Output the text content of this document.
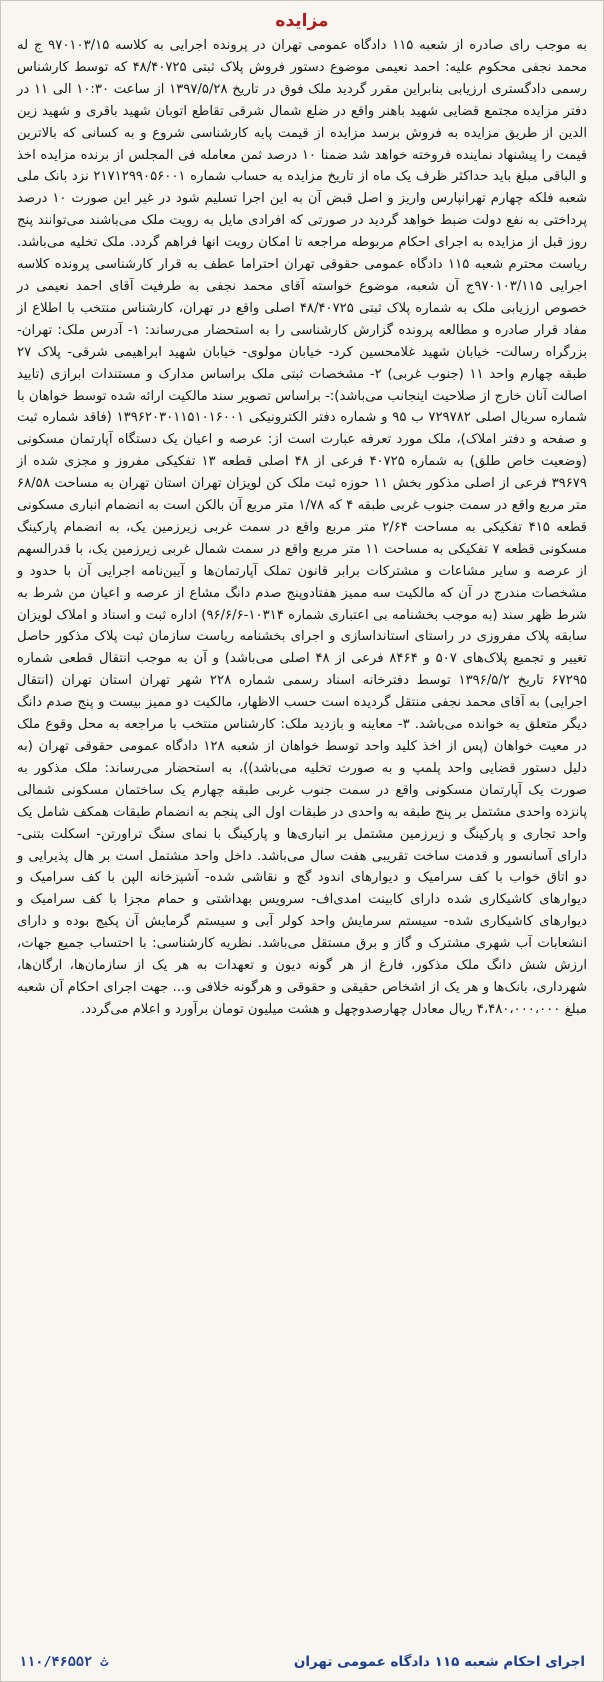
مزایده
به موجب رای صادره از شعبه ۱۱۵ دادگاه عمومی تهران در پرونده اجرایی به کلاسه ۹۷۰۱۰۳/۱۵ ج له محمد نجفی محکوم علیه: احمد نعیمی موضوع دستور فروش پلاک ثبتی ۴۸/۴۰۷۲۵ که توسط کارشناس رسمی دادگستری ارزیابی بنابراین مقرر گردید ملک فوق در تاریخ ۱۳۹۷/۵/۲۸ از ساعت ۱۰:۳۰ الی ۱۱ در دفتر مزایده مجتمع قضایی شهید باهنر واقع در ضلع شمال شرقی تقاطع اتوبان شهید باقری و شهید زین الدین از طریق مزایده به فروش برسد مزایده از قیمت پایه کارشناسی شروع و به کسانی که بالاترین قیمت را پیشنهاد نماینده فروخته خواهد شد ضمنا ۱۰ درصد ثمن معامله فی المجلس از برنده مزایده اخذ و الباقی مبلغ باید حداکثر ظرف یک ماه از تاریخ مزایده به حساب شماره ۲۱۷۱۲۹۹۰۵۶۰۰۱ نزد بانک ملی شعبه فلکه چهارم تهرانپارس واریز و اصل قبض آن به این اجرا تسلیم شود در غیر این صورت ۱۰ درصد پرداختی به نفع دولت ضبط خواهد گردید در صورتی که افرادی مایل به رویت ملک می‌باشند می‌توانند پنج روز قبل از مزایده به اجرای احکام مربوطه مراجعه تا امکان رویت انها فراهم گردد. ملک تخلیه می‌باشد. ریاست محترم شعبه ۱۱۵ دادگاه عمومی حقوقی تهران احتراما عطف به قرار کارشناسی پرونده کلاسه اجرایی ۹۷۰۱۰۳/۱۱۵ج آن شعبه، موضوع خواسته آقای محمد نجفی به طرفیت آقای احمد نعیمی در خصوص ارزیابی ملک به شماره پلاک ثبتی ۴۸/۴۰۷۲۵ اصلی واقع در تهران، کارشناس منتخب با اطلاع از مفاد قرار صادره و مطالعه پرونده گزارش کارشناسی را به استحضار می‌رساند: ۱- آدرس ملک: تهران- بزرگراه رسالت- خیابان شهید غلامحسین کرد- خیابان مولوی- خیابان شهید ابراهیمی شرقی- پلاک ۲۷ طبقه چهارم واحد ۱۱ (جنوب غربی) ۲- مشخصات ثبتی ملک براساس مدارک و مستندات ابرازی (تایید اصالت آنان خارج از صلاحیت اینجانب می‌باشد):- براساس تصویر سند مالکیت ارائه شده توسط خواهان با شماره سریال اصلی ۷۲۹۷۸۲ ب ۹۵ و شماره دفتر الکترونیکی ۱۳۹۶۲۰۳۰۱۱۵۱۰۱۶۰۰۱ (فاقد شماره ثبت و صفحه و دفتر املاک)، ملک مورد تعرفه عبارت است از: عرصه و اعیان یک دستگاه آپارتمان مسکونی (وضعیت خاص طلق) به شماره ۴۰۷۲۵ فرعی از ۴۸ اصلی قطعه ۱۳ تفکیکی مفروز و مجزی شده از ۳۹۶۷۹ فرعی از اصلی مذکور بخش ۱۱ حوزه ثبت ملک کن لویزان تهران استان تهران به مساحت ۶۸/۵۸ متر مربع واقع در سمت جنوب غربی طبقه ۴ که ۱/۷۸ متر مربع آن بالکن است به انضمام انباری مسکونی قطعه ۴۱۵ تفکیکی به مساحت ۲/۶۴ متر مربع واقع در سمت غربی زیرزمین یک، به انضمام پارکینگ مسکونی قطعه ۷ تفکیکی به مساحت ۱۱ متر مربع واقع در سمت شمال غربی زیرزمین یک، با قدرالسهم از عرصه و سایر مشاعات و مشترکات برابر قانون تملک آپارتمان‌ها و آیین‌نامه اجرایی آن با حدود و مشخصات مندرج در آن که مالکیت سه ممیز هفتادوپنج صدم دانگ مشاع از عرصه و اعیان من شرط به شرط ظهر سند (به موجب بخشنامه بی اعتباری شماره ۱۰۳۱۴-۹۶/۶/۶) اداره ثبت و اسناد و املاک لویزان سابقه پلاک مفروزی در راستای استانداسازی و اجرای بخشنامه ریاست سازمان ثبت پلاک مذکور حاصل تغییر و تجمیع پلاک‌های ۵۰۷ و ۸۴۶۴ فرعی از ۴۸ اصلی می‌باشد) و آن به موجب انتقال قطعی شماره ۶۷۲۹۵ تاریخ ۱۳۹۶/۵/۲ توسط دفترخانه اسناد رسمی شماره ۲۲۸ شهر تهران استان تهران (انتقال اجرایی) به آقای محمد نجفی منتقل گردیده است حسب الاظهار، مالکیت دو ممیز بیست و پنج صدم دانگ دیگر متعلق به خوانده می‌باشد. ۳- معاینه و بازدید ملک: کارشناس منتخب با مراجعه به محل وقوع ملک در معیت خواهان (پس از اخذ کلید واحد توسط خواهان از شعبه ۱۲۸ دادگاه عمومی حقوقی تهران (به دلیل دستور قضایی واحد پلمپ و به صورت تخلیه می‌باشد))، به استحضار می‌رساند: ملک مذکور به صورت یک آپارتمان مسکونی واقع در سمت جنوب غربی طبقه چهارم یک ساختمان مسکونی شمالی پانزده واحدی مشتمل بر پنج طبقه به واحدی در طبقات اول الی پنجم به انضمام طبقات همکف شامل یک واحد تجاری و پارکینگ و زیرزمین مشتمل بر انباری‌ها و پارکینگ با نمای سنگ تراورتن- اسکلت بتنی- دارای آسانسور و قدمت ساخت تقریبی هفت سال می‌باشد. داخل واحد مشتمل است بر هال پذیرایی و دو اتاق خواب با کف سرامیک و دیوارهای اندود گچ و نقاشی شده- آشپزخانه الپن با کف سرامیک و دیوارهای کاشیکاری شده دارای کابینت امدی‌اف- سرویس بهداشتی و حمام مجزا با کف سرامیک و دیوارهای کاشیکاری شده- سیستم سرمایش واحد کولر آبی و سیستم گرمایش آن پکیج بوده و دارای انشعابات آب شهری مشترک و گاز و برق مستقل می‌باشد. نظریه کارشناسی: با احتساب جمیع جهات، ارزش شش دانگ ملک مذکور، فارغ از هر گونه دیون و تعهدات به هر یک از سازمان‌ها، ارگان‌ها، شهرداری، بانک‌ها و هر یک از اشخاص حقیقی و حقوقی و هرگونه خلافی و... جهت اجرای احکام آن شعبه مبلغ ۴،۴۸۰،۰۰۰،۰۰۰ ریال معادل چهارصدوچهل و هشت میلیون تومان برآورد و اعلام می‌گردد.
۱۱۰/۴۶۵۵۲ ث	اجرای احکام شعبه ۱۱۵ دادگاه عمومی تهران
